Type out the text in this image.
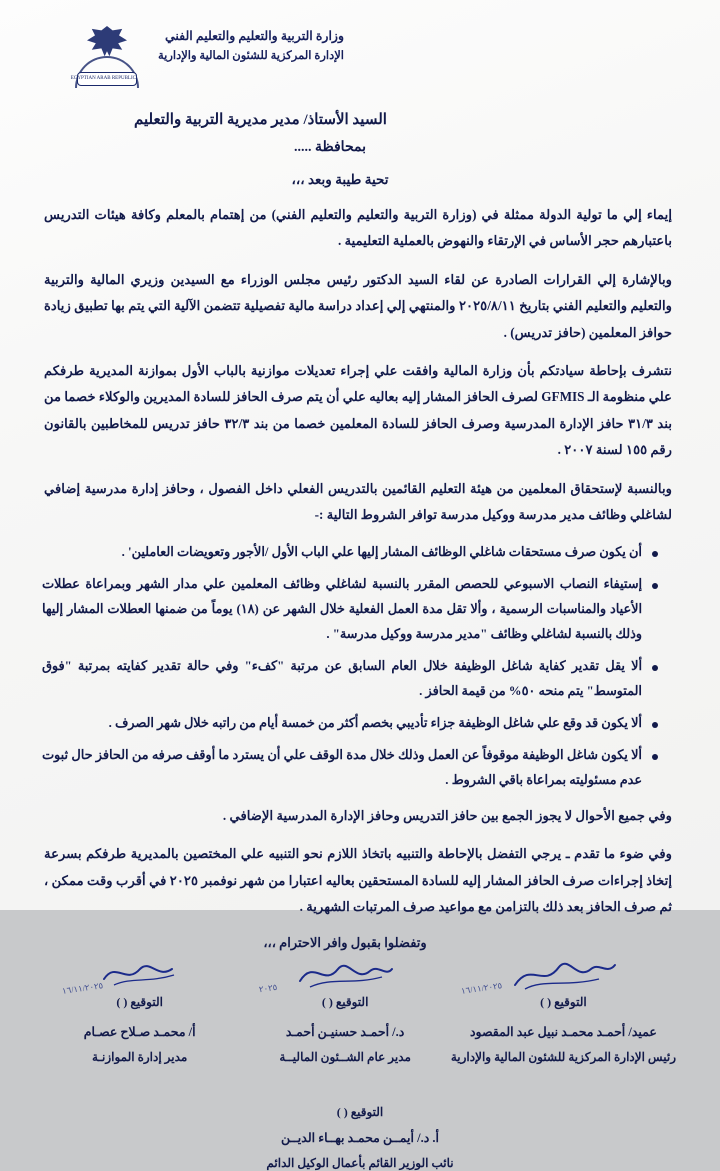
EGYPTIAN ARAB REPUBLIC
وزارة التربية والتعليم والتعليم الفني
الإدارة المركزية للشئون المالية والإدارية
السيد الأستاذ/ مدير مديرية التربية والتعليم
بمحافظة .....
تحية طيبة وبعد ،،،

إيماء إلي ما تولية الدولة ممثلة في (وزارة التربية والتعليم والتعليم الفني) من إهتمام بالمعلم وكافة هيئات التدريس باعتبارهم حجر الأساس في الإرتقاء والنهوض بالعملية التعليمية .

وبالإشارة إلي القرارات الصادرة عن لقاء السيد الدكتور رئيس مجلس الوزراء مع السيدين وزيري المالية والتربية والتعليم والتعليم الفني بتاريخ ٢٠٢٥/٨/١١ والمنتهي إلي إعداد دراسة مالية تفصيلية تتضمن الآلية التي يتم بها تطبيق زيادة حوافز المعلمين (حافز تدريس) .

نتشرف بإحاطة سيادتكم بأن وزارة المالية وافقت علي إجراء تعديلات موازنية بالباب الأول بموازنة المديرية طرفكم علي منظومة الـ GFMIS لصرف الحافز المشار إليه بعاليه علي أن يتم صرف الحافز للسادة المديرين والوكلاء خصما من بند ٣١/٣ حافز الإدارة المدرسية وصرف الحافز للسادة المعلمين خصما من بند ٣٢/٣ حافز تدريس للمخاطبين بالقانون رقم ١٥٥ لسنة ٢٠٠٧ .

وبالنسبة لإستحقاق المعلمين من هيئة التعليم القائمين بالتدريس الفعلي داخل الفصول ، وحافز إدارة مدرسية إضافي لشاغلي وظائف مدير مدرسة ووكيل مدرسة توافر الشروط التالية :-

أن يكون صرف مستحقات شاغلي الوظائف المشار إليها علي الباب الأول /الأجور وتعويضات العاملين' .
إستيفاء النصاب الاسبوعي للحصص المقرر بالنسبة لشاغلي وظائف المعلمين علي مدار الشهر وبمراعاة عطلات الأعياد والمناسبات الرسمية ، وألا تقل مدة العمل الفعلية خلال الشهر عن (١٨) يوماً من ضمنها العطلات المشار إليها وذلك بالنسبة لشاغلي وظائف "مدير مدرسة ووكيل مدرسة" .
ألا يقل تقدير كفاية شاغل الوظيفة خلال العام السابق عن مرتبة "كفء" وفي حالة تقدير كفايته بمرتبة "فوق المتوسط" يتم منحه ٥٠% من قيمة الحافز .
ألا يكون قد وقع علي شاغل الوظيفة جزاء تأديبي بخصم أكثر من خمسة أيام من راتبه خلال شهر الصرف .
ألا يكون شاغل الوظيفة موقوفاً عن العمل وذلك خلال مدة الوقف علي أن يسترد ما أوقف صرفه من الحافز حال ثبوت عدم مسئوليته بمراعاة باقي الشروط .

وفي جميع الأحوال لا يجوز الجمع بين حافز التدريس وحافز الإدارة المدرسية الإضافي .

وفي ضوء ما تقدم ـ يرجي التفضل بالإحاطة والتنبيه باتخاذ اللازم نحو التنبيه علي المختصين بالمديرية طرفكم بسرعة إتخاذ إجراءات صرف الحافز المشار إليه للسادة المستحقين بعاليه اعتبارا من شهر نوفمبر ٢٠٢٥ في أقرب وقت ممكن ، ثم صرف الحافز بعد ذلك بالتزامن مع مواعيد صرف المرتبات الشهرية .

وتفضلوا بقبول وافر الاحترام ،،،
١٦/١١/٢٠٢٥
التوقيع ( )
عميد/ أحمـد محمـد نبيل عبد المقصود
رئيس الإدارة المركزية للشئون المالية والإدارية
٢٠٢٥
التوقيع ( )
د./ أحمـد حسنيـن أحمـد
مدير عام الشــئون الماليــة
١٦/١١/٢٠٢٥
التوقيع ( )
أ/ محمـد صـلاح عصـام
مدير إدارة الموازنـة
التوقيع ( )
أ. د./ أيمــن محمـد بهــاء الديــن
نائب الوزير القائم بأعمال الوكيل الدائم
